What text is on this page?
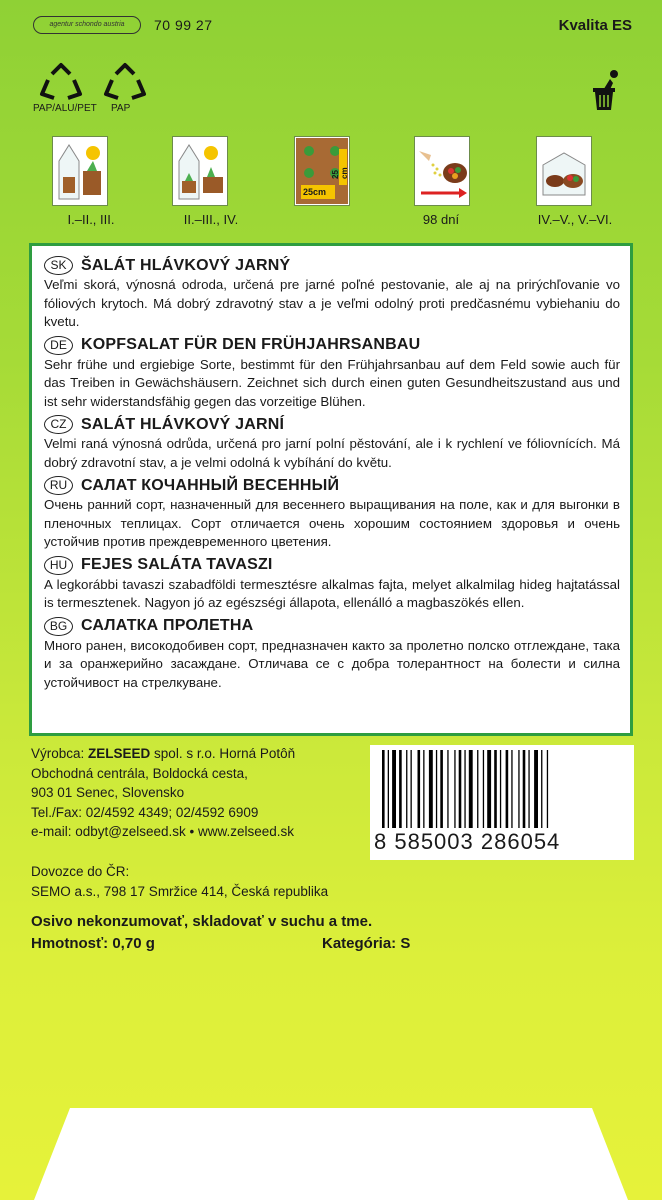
agentur schondo austria	70 99 27	Kvalita ES
PAP/ALU/PET PAP
25cm
25 cm
I.–II., III.	II.–III., IV.	98 dní	IV.–V., V.–VI.
SK ŠALÁT HLÁVKOVÝ JARNÝ
Veľmi skorá, výnosná odroda, určená pre jarné poľné pestovanie, ale aj na prirýchľovanie vo fóliových krytoch. Má dobrý zdravotný stav a je veľmi odolný proti predčasnému vybiehaniu do kvetu.
DE KOPFSALAT FÜR DEN FRÜHJAHRSANBAU
Sehr frühe und ergiebige Sorte, bestimmt für den Frühjahrsanbau auf dem Feld sowie auch für das Treiben in Gewächshäusern. Zeichnet sich durch einen guten Gesundheitszustand aus und ist sehr widerstandsfähig gegen das vorzeitige Blühen.
CZ SALÁT HLÁVKOVÝ JARNÍ
Velmi raná výnosná odrůda, určená pro jarní polní pěstování, ale i k rychlení ve fóliovnících. Má dobrý zdravotní stav, a je velmi odolná k vybíhání do květu.
RU САЛАТ КОЧАННЫЙ ВЕСЕННЫЙ
Очень ранний сорт, назначенный для весеннего выращивания на поле, как и для выгонки в пленочных теплицах. Сорт отличается очень хорошим состоянием здоровья и очень устойчив против преждевременного цветения.
HU FEJES SALÁTA TAVASZI
A legkorábbi tavaszi szabadföldi termesztésre alkalmas fajta, melyet alkalmilag hideg hajtatással is termesztenek. Nagyon jó az egészségi állapota, ellenálló a magbaszökés ellen.
BG САЛАТКА ПРОЛЕТНА
Много ранен, високодобивен сорт, предназначен както за пролетно полско отглеждане, така и за оранжерийно засаждане. Отличава се с добра толерантност на болести и силна устойчивост на стрелкуване.
Výrobca: ZELSEED spol. s r.o. Horná Potôň
Obchodná centrála, Boldocká cesta,
903 01 Senec, Slovensko
Tel./Fax: 02/4592 4349; 02/4592 6909
e-mail: odbyt@zelseed.sk • www.zelseed.sk
Dovozce do ČR:
SEMO a.s., 798 17 Smržice 414, Česká republika
8 585003 286054
Osivo nekonzumovať, skladovať v suchu a tme.
Hmotnosť: 0,70 g	Kategória: S
